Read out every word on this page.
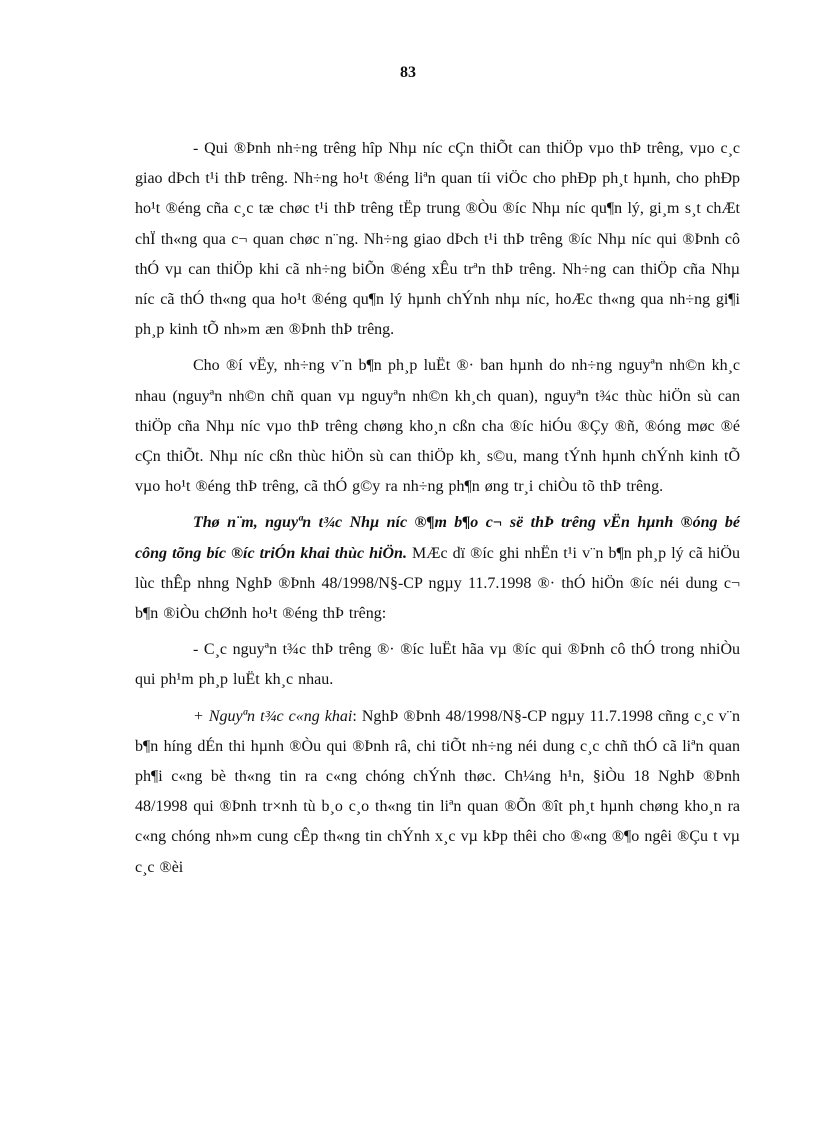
83

- Qui ®Þnh nh÷ng trêng hîp Nhµ níc cÇn thiÕt can thiÖp vµo thÞ trêng, vµo c¸c giao dÞch t¹i thÞ trêng. Nh÷ng ho¹t ®éng liªn quan tíi viÖc cho phÐp ph¸t hµnh, cho phÐp ho¹t ®éng cña c¸c tæ chøc t¹i thÞ trêng tËp trung ®Òu ®íc Nhµ níc qu¶n lý, gi¸m s¸t chÆt chÏ th«ng qua c¬ quan chøc n¨ng. Nh÷ng giao dÞch t¹i thÞ trêng ®íc Nhµ níc qui ®Þnh cô thÓ vµ can thiÖp khi cã nh÷ng biÕn ®éng xÊu trªn thÞ trêng. Nh÷ng can thiÖp cña Nhµ níc cã thÓ th«ng qua ho¹t ®éng qu¶n lý hµnh chÝnh nhµ níc, hoÆc th«ng qua nh÷ng gi¶i ph¸p kinh tÕ nh»m æn ®Þnh thÞ trêng.

Cho ®í vËy, nh÷ng v¨n b¶n ph¸p luËt ®· ban hµnh do nh÷ng nguyªn nh©n kh¸c nhau (nguyªn nh©n chñ quan vµ nguyªn nh©n kh¸ch quan), nguyªn t¾c thùc hiÖn sù can thiÖp cña Nhµ níc vµo thÞ trêng chøng kho¸n cßn cha ®íc hiÓu ®Çy ®ñ, ®óng møc ®é cÇn thiÕt. Nhµ níc cßn thùc hiÖn sù can thiÖp kh¸ s©u, mang tÝnh hµnh chÝnh kinh tÕ vµo ho¹t ®éng thÞ trêng, cã thÓ g©y ra nh÷ng ph¶n øng tr¸i chiÒu tõ thÞ trêng.

Thø n¨m, nguyªn t¾c Nhµ níc ®¶m b¶o c¬ së thÞ trêng vËn hµnh ®óng bé công tõng bíc ®íc triÓn khai thùc hiÖn. MÆc dï ®íc ghi nhËn t¹i v¨n b¶n ph¸p lý cã hiÖu lùc thÊp nhng NghÞ ®Þnh 48/1998/N§-CP ngµy 11.7.1998 ®· thÓ hiÖn ®íc néi dung c¬ b¶n ®iÒu chØnh ho¹t ®éng thÞ trêng:

- C¸c nguyªn t¾c thÞ trêng ®· ®íc luËt hãa vµ ®íc qui ®Þnh cô thÓ trong nhiÒu qui ph¹m ph¸p luËt kh¸c nhau.

+ Nguyªn t¾c c«ng khai: NghÞ ®Þnh 48/1998/N§-CP ngµy 11.7.1998 cñng c¸c v¨n b¶n híng dÉn thi hµnh ®Òu qui ®Þnh râ, chi tiÕt nh÷ng néi dung c¸c chñ thÓ cã liªn quan ph¶i c«ng bè th«ng tin ra c«ng chóng chÝnh thøc. Ch¼ng h¹n, §iÒu 18 NghÞ ®Þnh 48/1998 qui ®Þnh tr×nh tù b¸o c¸o th«ng tin liªn quan ®Õn ®ît ph¸t hµnh chøng kho¸n ra c«ng chóng nh»m cung cÊp th«ng tin chÝnh x¸c vµ kÞp thêi cho ®«ng ®¶o ngêi ®Çu t vµ c¸c ®èi
